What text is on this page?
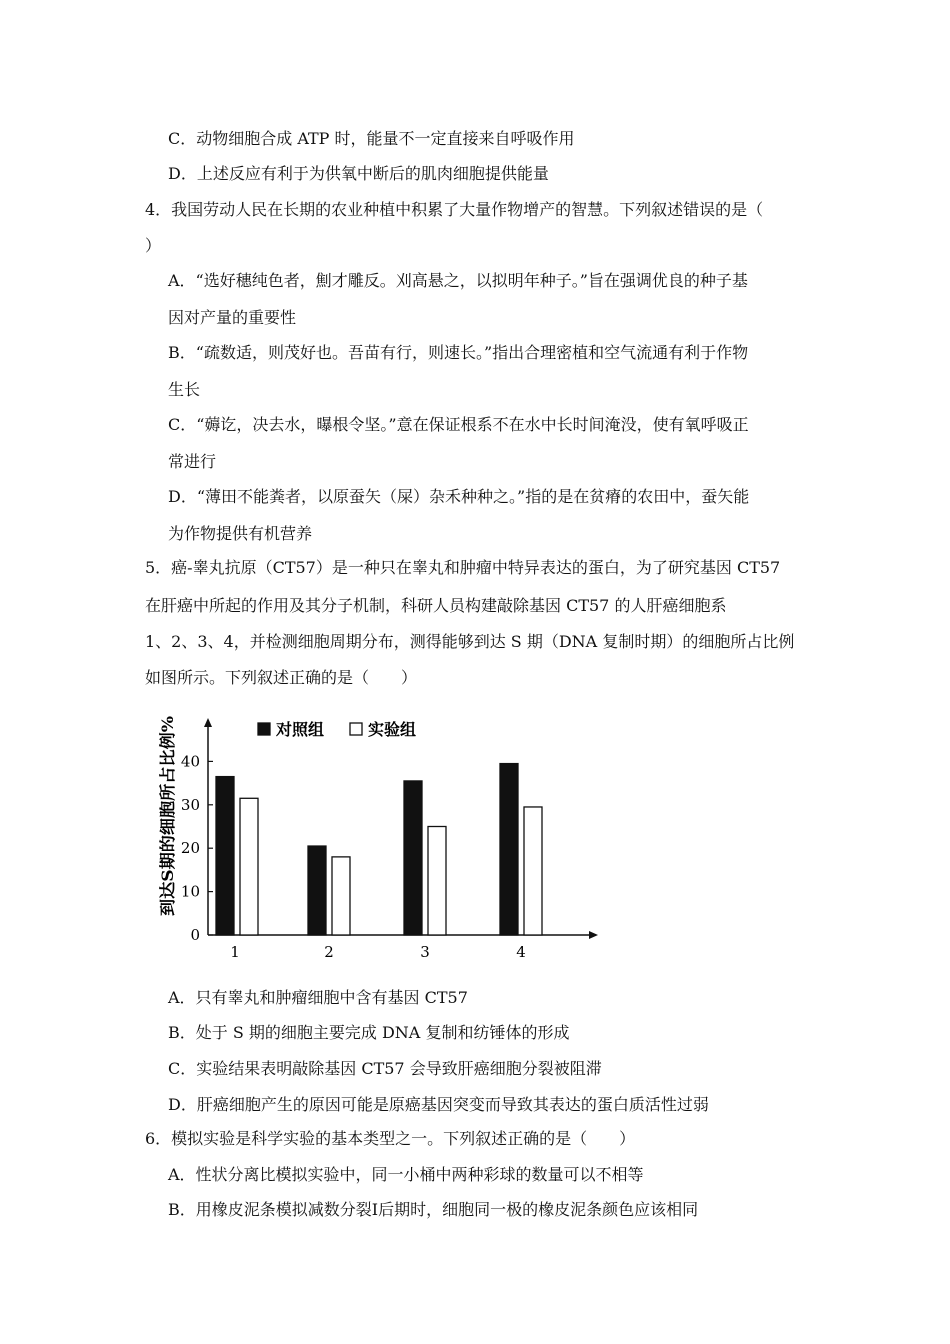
C．动物细胞合成 ATP 时，能量不一定直接来自呼吸作用
D．上述反应有利于为供氧中断后的肌肉细胞提供能量
4．我国劳动人民在长期的农业种植中积累了大量作物增产的智慧。下列叙述错误的是（
）
A．“选好穗纯色者，劁才雕反。刈高悬之，以拟明年种子。”旨在强调优良的种子基
因对产量的重要性
B．“疏数适，则茂好也。吾苗有行，则速长。”指出合理密植和空气流通有利于作物
生长
C．“薅讫，决去水，曝根令坚。”意在保证根系不在水中长时间淹没，使有氧呼吸正
常进行
D．“薄田不能粪者，以原蚕矢（屎）杂禾种种之。”指的是在贫瘠的农田中，蚕矢能
为作物提供有机营养
5．癌-睾丸抗原（CT57）是一种只在睾丸和肿瘤中特异表达的蛋白，为了研究基因 CT57
在肝癌中所起的作用及其分子机制，科研人员构建敲除基因 CT57 的人肝癌细胞系
1、2、3、4，并检测细胞周期分布，测得能够到达 S 期（DNA 复制时期）的细胞所占比例
如图所示。下列叙述正确的是（　　）
0
10
20
30
40
1	2	3	4
对照组	实验组
到达S期的细胞所占比例%
A．只有睾丸和肿瘤细胞中含有基因 CT57
B．处于 S 期的细胞主要完成 DNA 复制和纺锤体的形成
C．实验结果表明敲除基因 CT57 会导致肝癌细胞分裂被阻滞
D．肝癌细胞产生的原因可能是原癌基因突变而导致其表达的蛋白质活性过弱
6．模拟实验是科学实验的基本类型之一。下列叙述正确的是（　　）
A．性状分离比模拟实验中，同一小桶中两种彩球的数量可以不相等
B．用橡皮泥条模拟减数分裂Ⅰ后期时，细胞同一极的橡皮泥条颜色应该相同
